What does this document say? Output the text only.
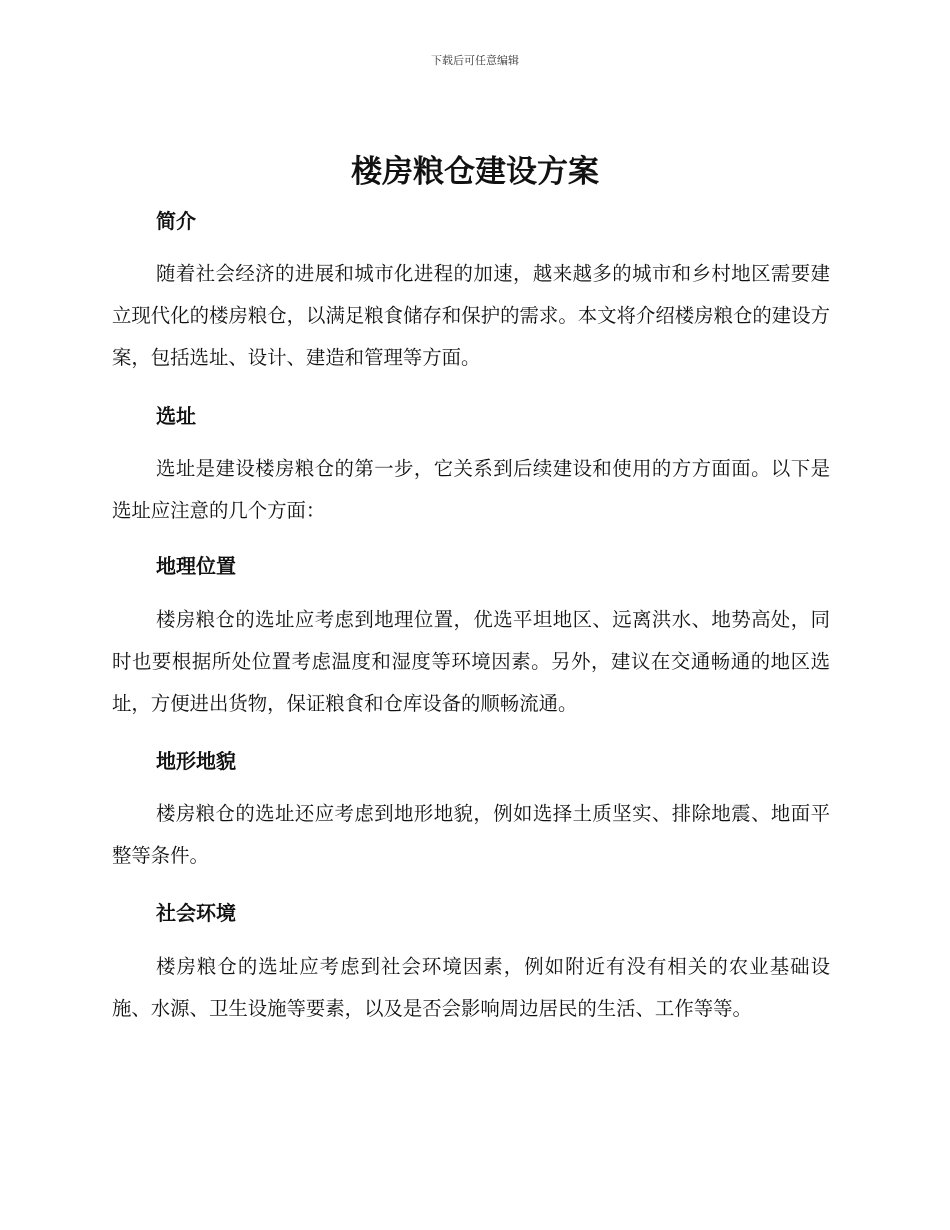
下载后可任意编辑
楼房粮仓建设方案
简介

随着社会经济的进展和城市化进程的加速，越来越多的城市和乡村地区需要建立现代化的楼房粮仓，以满足粮食储存和保护的需求。本文将介绍楼房粮仓的建设方案，包括选址、设计、建造和管理等方面。

选址

选址是建设楼房粮仓的第一步，它关系到后续建设和使用的方方面面。以下是选址应注意的几个方面：

地理位置

楼房粮仓的选址应考虑到地理位置，优选平坦地区、远离洪水、地势高处，同时也要根据所处位置考虑温度和湿度等环境因素。另外，建议在交通畅通的地区选址，方便进出货物，保证粮食和仓库设备的顺畅流通。

地形地貌

楼房粮仓的选址还应考虑到地形地貌，例如选择土质坚实、排除地震、地面平整等条件。

社会环境

楼房粮仓的选址应考虑到社会环境因素，例如附近有没有相关的农业基础设施、水源、卫生设施等要素，以及是否会影响周边居民的生活、工作等等。
